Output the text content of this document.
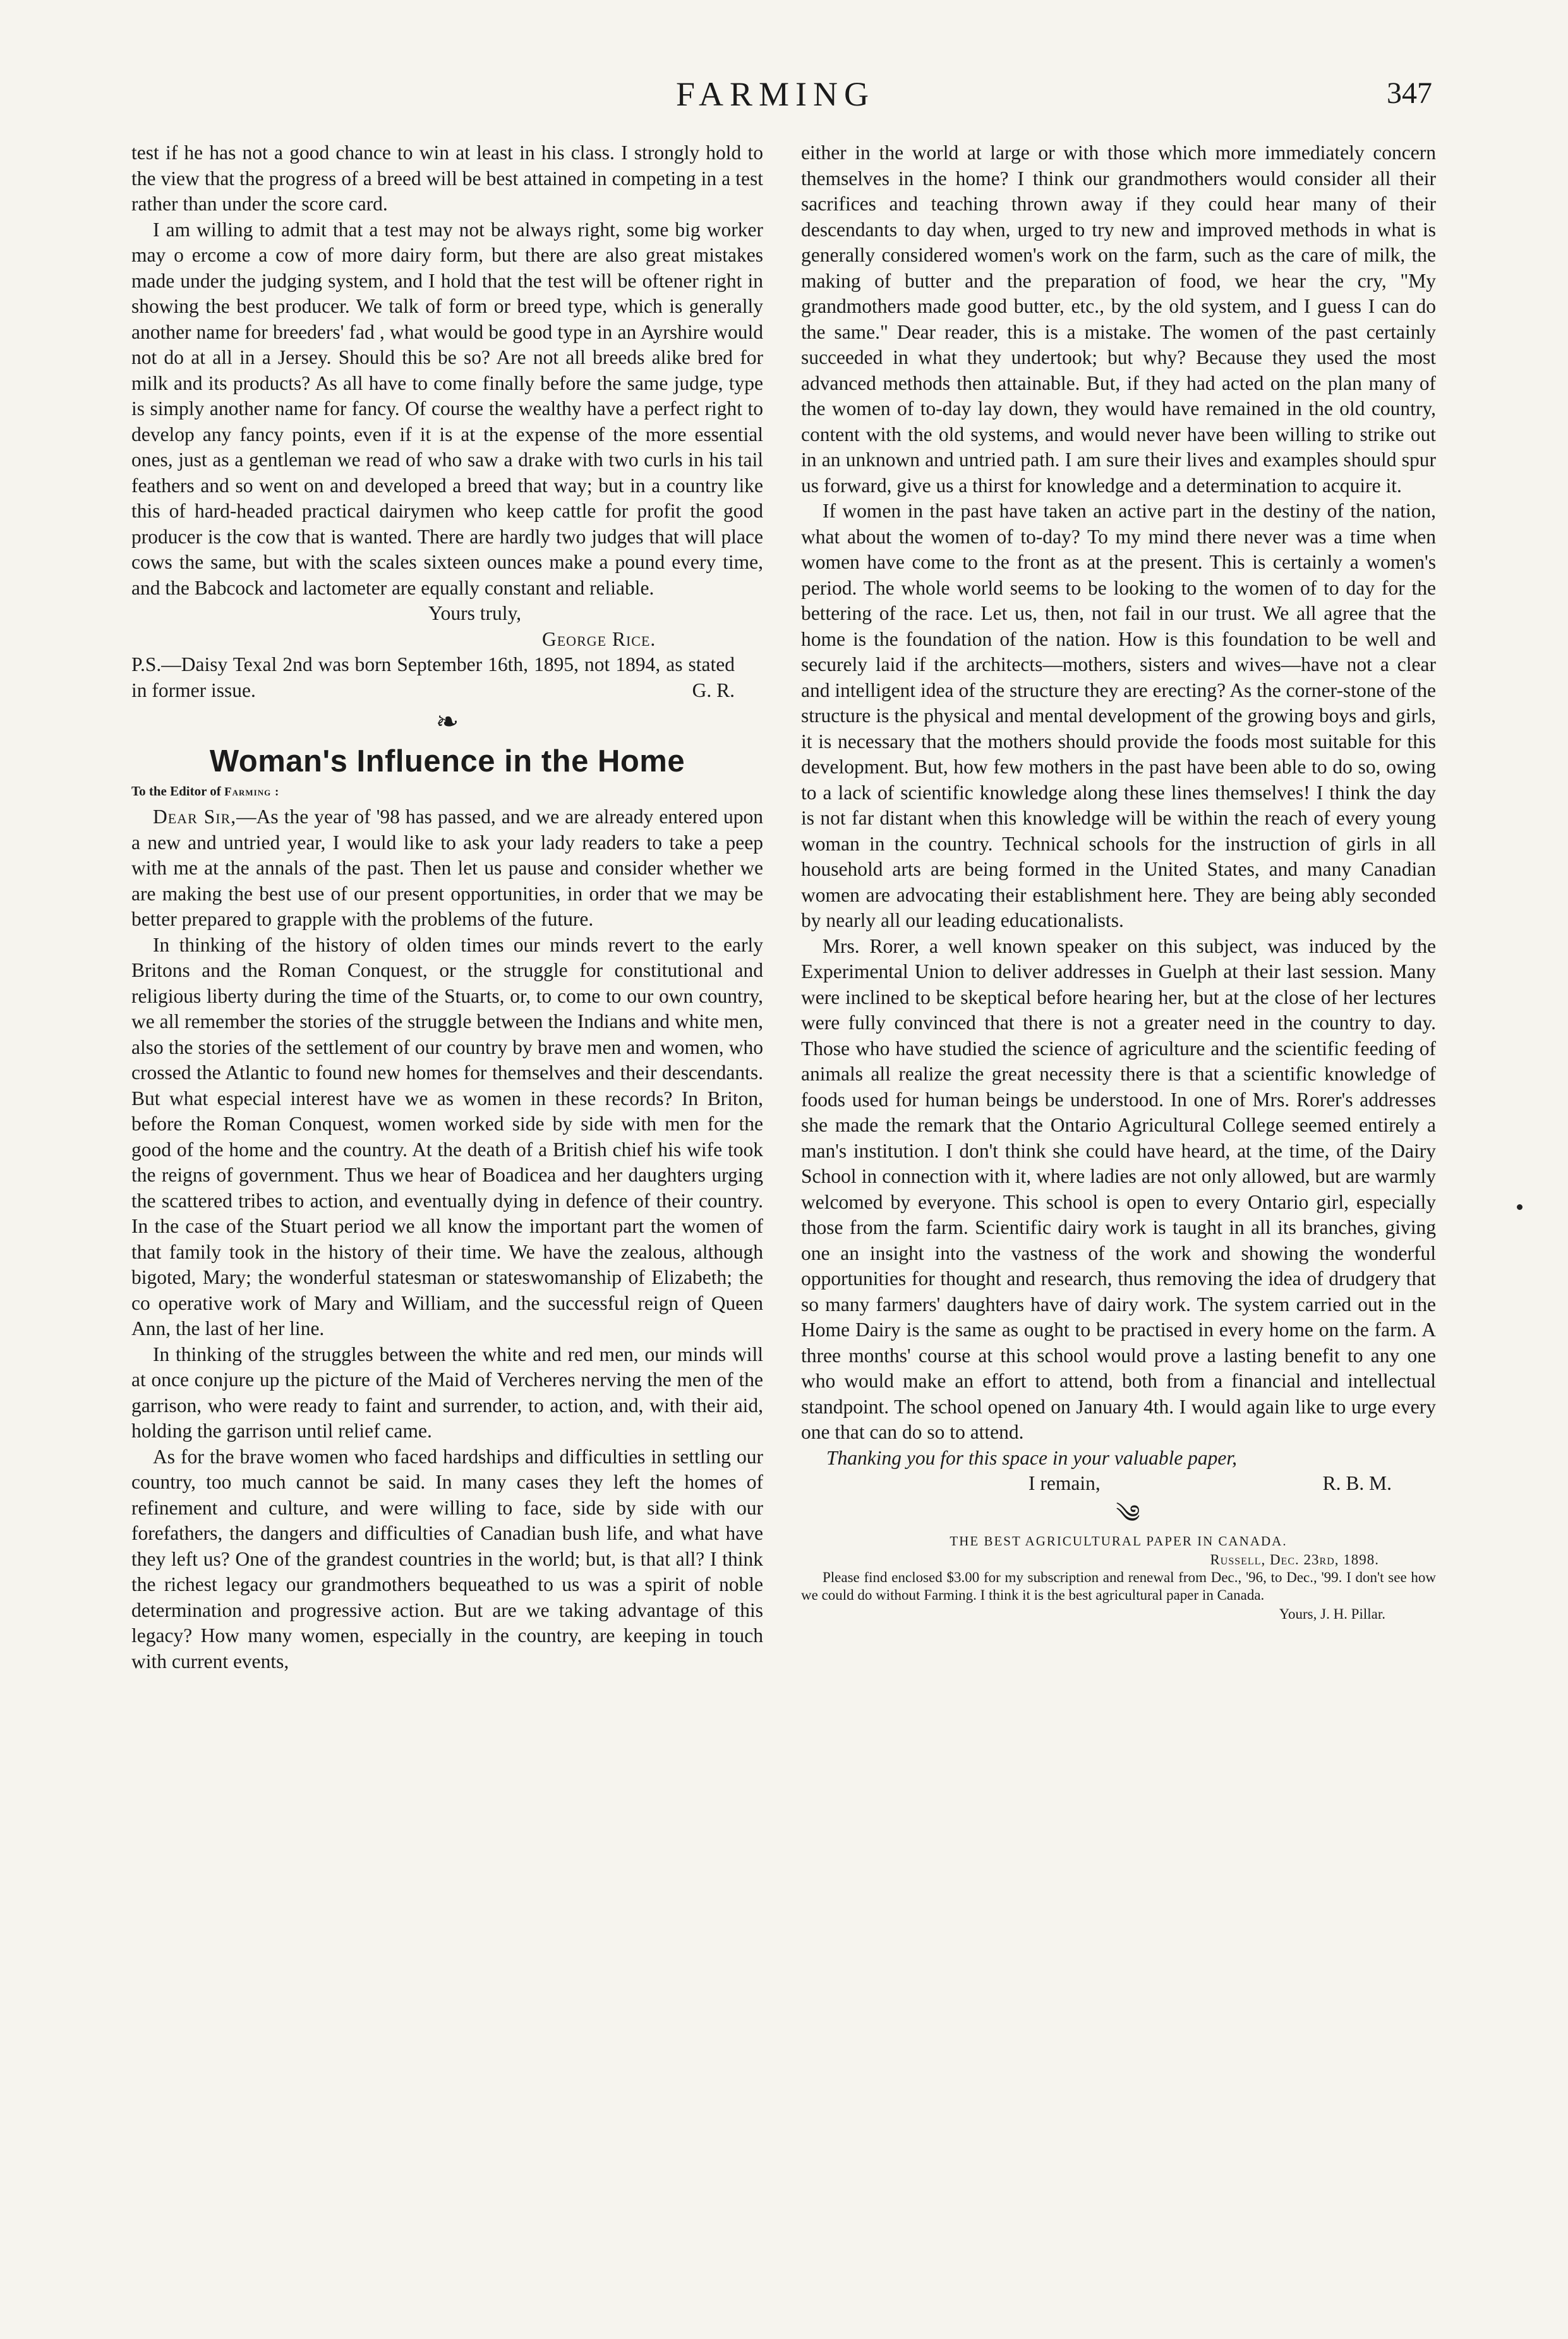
FARMING	347

test if he has not a good chance to win at least in his class. I strongly hold to the view that the progress of a breed will be best attained in competing in a test rather than under the score card.

I am willing to admit that a test may not be always right, some big worker may o ercome a cow of more dairy form, but there are also great mistakes made under the judging system, and I hold that the test will be oftener right in showing the best producer. We talk of form or breed type, which is generally another name for breeders' fad , what would be good type in an Ayrshire would not do at all in a Jersey. Should this be so? Are not all breeds alike bred for milk and its products? As all have to come finally before the same judge, type is simply another name for fancy. Of course the wealthy have a perfect right to develop any fancy points, even if it is at the expense of the more essential ones, just as a gentleman we read of who saw a drake with two curls in his tail feathers and so went on and developed a breed that way; but in a country like this of hard-headed practical dairymen who keep cattle for profit the good producer is the cow that is wanted. There are hardly two judges that will place cows the same, but with the scales sixteen ounces make a pound every time, and the Babcock and lactometer are equally constant and reliable.

Yours truly,

George Rice.

P.S.—Daisy Texal 2nd was born September 16th, 1895, not 1894, as stated in former issue.	G. R.

❧
Woman's Influence in the Home
To the Editor of Farming :

Dear Sir,—As the year of '98 has passed, and we are already entered upon a new and untried year, I would like to ask your lady readers to take a peep with me at the annals of the past. Then let us pause and consider whether we are making the best use of our present opportunities, in order that we may be better prepared to grapple with the problems of the future.

In thinking of the history of olden times our minds revert to the early Britons and the Roman Conquest, or the struggle for constitutional and religious liberty during the time of the Stuarts, or, to come to our own country, we all remember the stories of the struggle between the Indians and white men, also the stories of the settlement of our country by brave men and women, who crossed the Atlantic to found new homes for themselves and their descendants. But what especial interest have we as women in these records? In Briton, before the Roman Conquest, women worked side by side with men for the good of the home and the country. At the death of a British chief his wife took the reigns of government. Thus we hear of Boadicea and her daughters urging the scattered tribes to action, and eventually dying in defence of their country. In the case of the Stuart period we all know the important part the women of that family took in the history of their time. We have the zealous, although bigoted, Mary; the wonderful statesman or stateswomanship of Elizabeth; the co operative work of Mary and William, and the successful reign of Queen Ann, the last of her line.

In thinking of the struggles between the white and red men, our minds will at once conjure up the picture of the Maid of Vercheres nerving the men of the garrison, who were ready to faint and surrender, to action, and, with their aid, holding the garrison until relief came.

As for the brave women who faced hardships and difficulties in settling our country, too much cannot be said. In many cases they left the homes of refinement and culture, and were willing to face, side by side with our forefathers, the dangers and difficulties of Canadian bush life, and what have they left us? One of the grandest countries in the world; but, is that all? I think the richest legacy our grandmothers bequeathed to us was a spirit of noble determination and progressive action. But are we taking advantage of this legacy? How many women, especially in the country, are keeping in touch with current events,

either in the world at large or with those which more immediately concern themselves in the home? I think our grandmothers would consider all their sacrifices and teaching thrown away if they could hear many of their descendants to day when, urged to try new and improved methods in what is generally considered women's work on the farm, such as the care of milk, the making of butter and the preparation of food, we hear the cry, "My grandmothers made good butter, etc., by the old system, and I guess I can do the same." Dear reader, this is a mistake. The women of the past certainly succeeded in what they undertook; but why? Because they used the most advanced methods then attainable. But, if they had acted on the plan many of the women of to-day lay down, they would have remained in the old country, content with the old systems, and would never have been willing to strike out in an unknown and untried path. I am sure their lives and examples should spur us forward, give us a thirst for knowledge and a determination to acquire it.

If women in the past have taken an active part in the destiny of the nation, what about the women of to-day? To my mind there never was a time when women have come to the front as at the present. This is certainly a women's period. The whole world seems to be looking to the women of to day for the bettering of the race. Let us, then, not fail in our trust. We all agree that the home is the foundation of the nation. How is this foundation to be well and securely laid if the architects—mothers, sisters and wives—have not a clear and intelligent idea of the structure they are erecting? As the corner-stone of the structure is the physical and mental development of the growing boys and girls, it is necessary that the mothers should provide the foods most suitable for this development. But, how few mothers in the past have been able to do so, owing to a lack of scientific knowledge along these lines themselves! I think the day is not far distant when this knowledge will be within the reach of every young woman in the country. Technical schools for the instruction of girls in all household arts are being formed in the United States, and many Canadian women are advocating their establishment here. They are being ably seconded by nearly all our leading educationalists.

Mrs. Rorer, a well known speaker on this subject, was induced by the Experimental Union to deliver addresses in Guelph at their last session. Many were inclined to be skeptical before hearing her, but at the close of her lectures were fully convinced that there is not a greater need in the country to day. Those who have studied the science of agriculture and the scientific feeding of animals all realize the great necessity there is that a scientific knowledge of foods used for human beings be understood. In one of Mrs. Rorer's addresses she made the remark that the Ontario Agricultural College seemed entirely a man's institution. I don't think she could have heard, at the time, of the Dairy School in connection with it, where ladies are not only allowed, but are warmly welcomed by everyone. This school is open to every Ontario girl, especially those from the farm. Scientific dairy work is taught in all its branches, giving one an insight into the vastness of the work and showing the wonderful opportunities for thought and research, thus removing the idea of drudgery that so many farmers' daughters have of dairy work. The system carried out in the Home Dairy is the same as ought to be practised in every home on the farm. A three months' course at this school would prove a lasting benefit to any one who would make an effort to attend, both from a financial and intellectual standpoint. The school opened on January 4th. I would again like to urge every one that can do so to attend.

Thanking you for this space in your valuable paper,

I remain,	R. B. M.
༄
THE BEST AGRICULTURAL PAPER IN CANADA.
Russell, Dec. 23rd, 1898.

Please find enclosed $3.00 for my subscription and renewal from Dec., '96, to Dec., '99. I don't see how we could do without Farming. I think it is the best agricultural paper in Canada.

Yours, J. H. Pillar.
